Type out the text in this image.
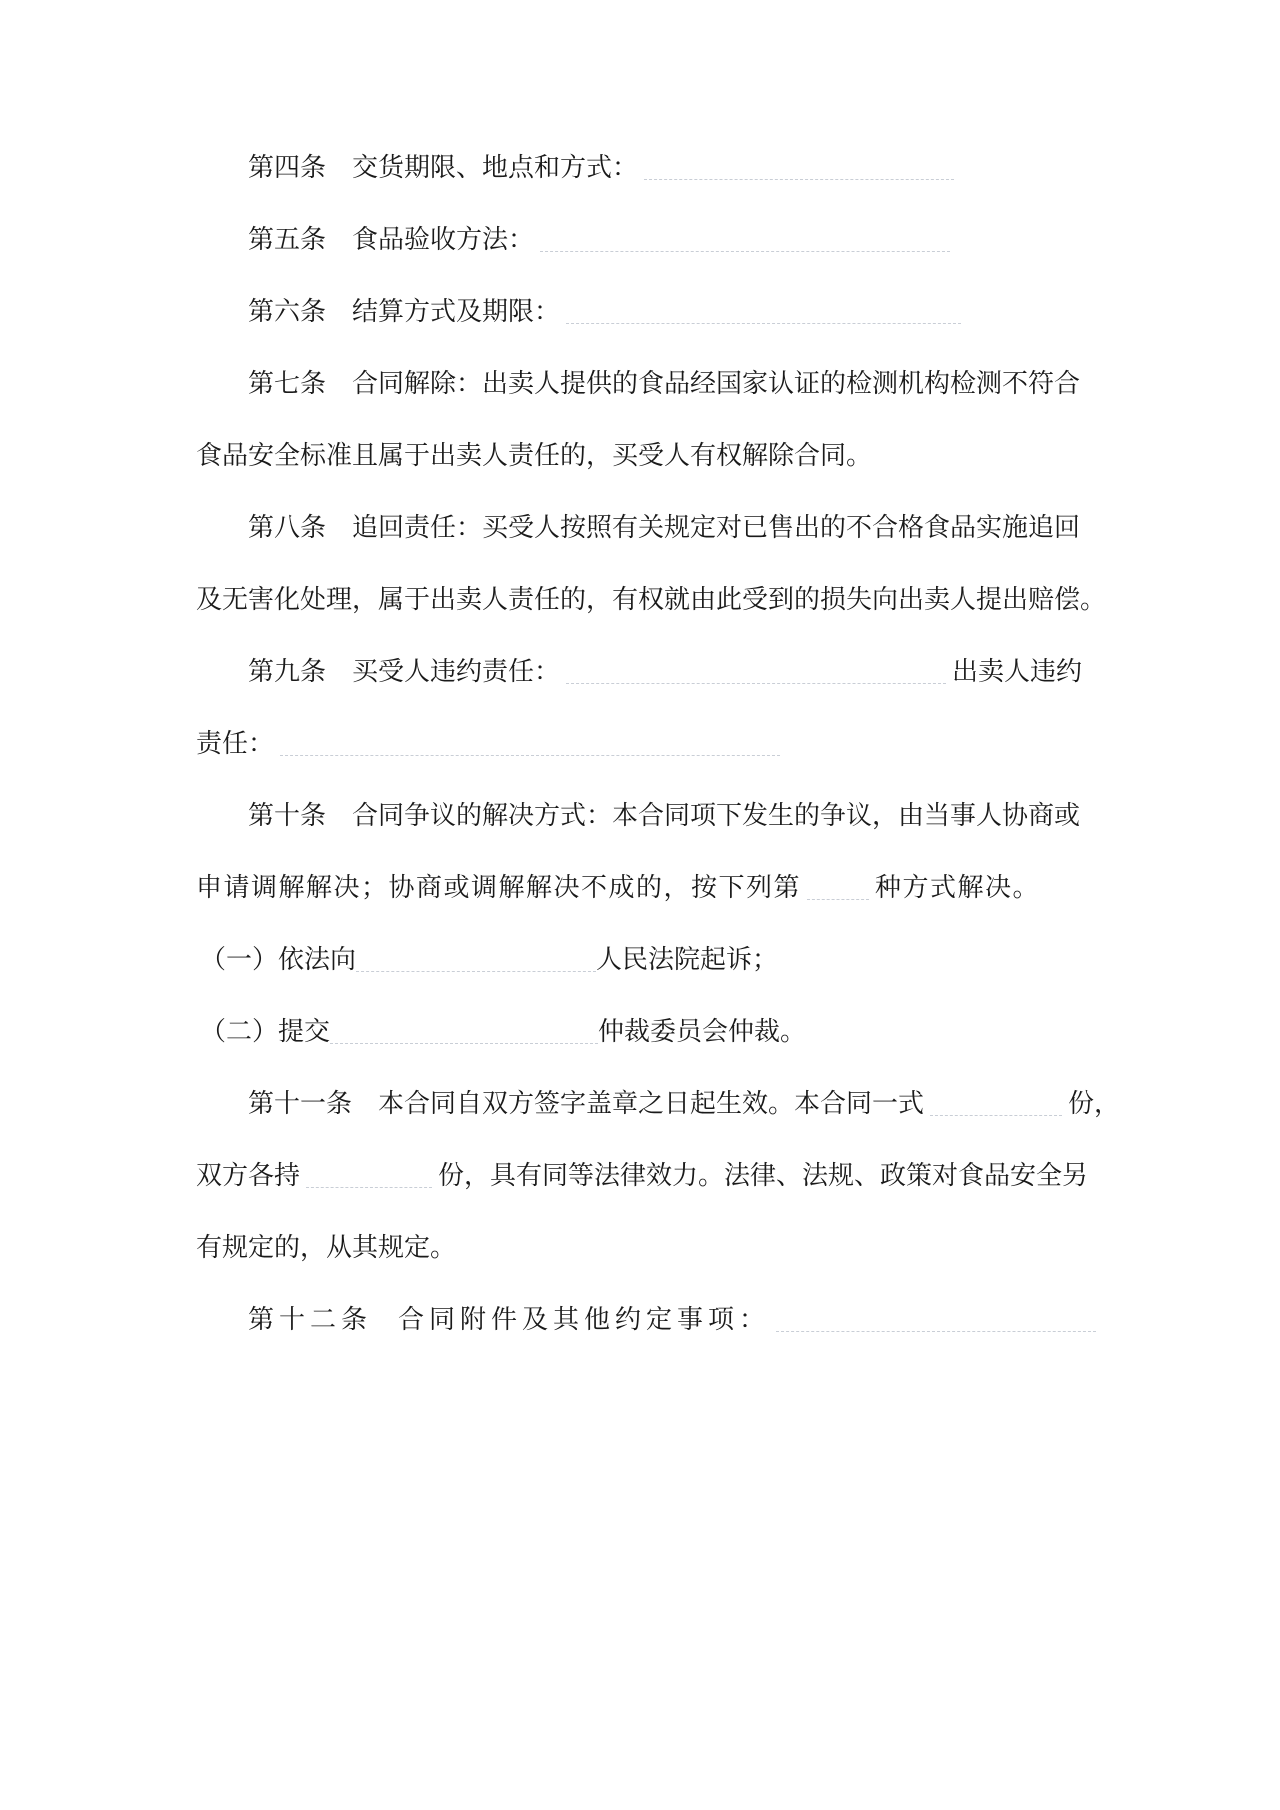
第四条 交货期限、地点和方式：
第五条 食品验收方法：
第六条 结算方式及期限：
第七条 合同解除：出卖人提供的食品经国家认证的检测机构检测不符合
食品安全标准且属于出卖人责任的，买受人有权解除合同。
第八条 追回责任：买受人按照有关规定对已售出的不合格食品实施追回
及无害化处理，属于出卖人责任的，有权就由此受到的损失向出卖人提出赔偿。
第九条 买受人违约责任：	出卖人违约
责任：
第十条 合同争议的解决方式：本合同项下发生的争议，由当事人协商或
申请调解解决；协商或调解解决不成的，按下列第	种方式解决。
（一）依法向	人民法院起诉；
（二）提交	仲裁委员会仲裁。
第十一条 本合同自双方签字盖章之日起生效。本合同一式	份，
双方各持	份，具有同等法律效力。法律、法规、政策对食品安全另
有规定的，从其规定。
第十二条 合同附件及其他约定事项：
